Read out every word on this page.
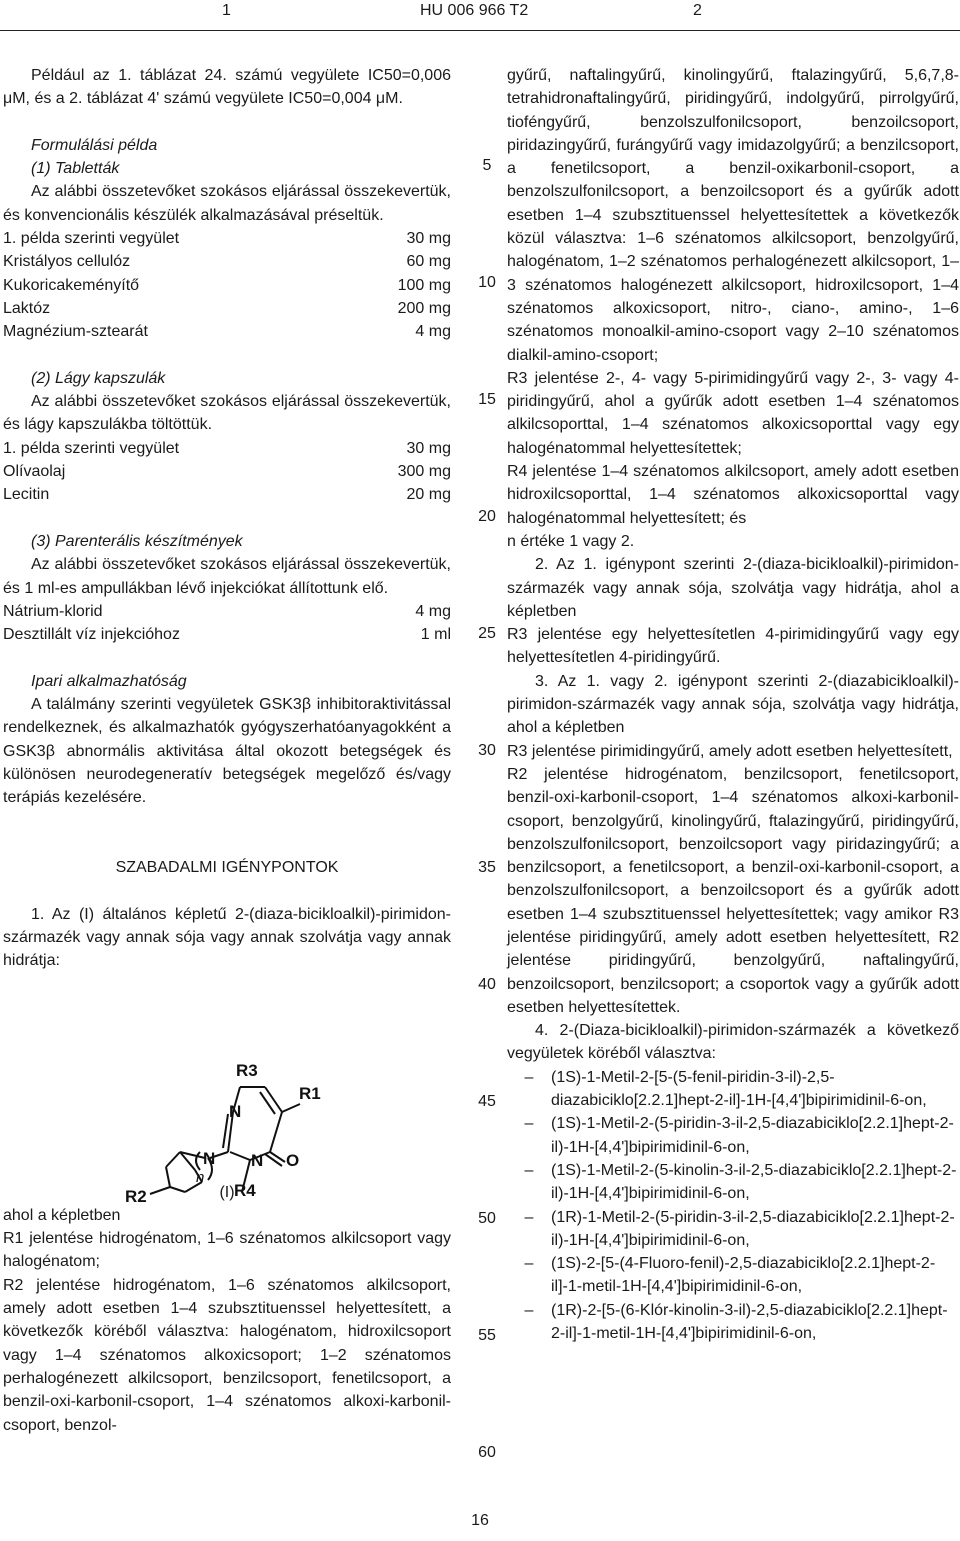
1	HU 006 966 T2	2

Például az 1. táblázat 24. számú vegyülete IC50=0,006 μM, és a 2. táblázat 4' számú vegyülete IC50=0,004 μM.

Formulálási példa

(1) Tabletták

Az alábbi összetevőket szokásos eljárással összekevertük, és konvencionális készülék alkalmazásával préseltük.

1. példa szerinti vegyület	30 mg
Kristályos cellulóz	60 mg
Kukoricakeményítő	100 mg
Laktóz	200 mg
Magnézium-sztearát	4 mg

(2) Lágy kapszulák

Az alábbi összetevőket szokásos eljárással összekevertük, és lágy kapszulákba töltöttük.

1. példa szerinti vegyület	30 mg
Olívaolaj	300 mg
Lecitin	20 mg

(3) Parenterális készítmények

Az alábbi összetevőket szokásos eljárással összekevertük, és 1 ml-es ampullákban lévő injekciókat állítottunk elő.

Nátrium-klorid	4 mg
Desztillált víz injekcióhoz	1 ml

Ipari alkalmazhatóság

A találmány szerinti vegyületek GSK3β inhibitoraktivitással rendelkeznek, és alkalmazhatók gyógyszerhatóanyagokként a GSK3β abnormális aktivitása által okozott betegségek és különösen neurodegeneratív betegségek megelőző és/vagy terápiás kezelésére.

SZABADALMI IGÉNYPONTOK

1. Az (I) általános képletű 2-(diaza-bicikloalkil)-pirimidon-származék vagy annak sója vagy annak szolvátja vagy annak hidrátja:

(I)

ahol a képletben

R1 jelentése hidrogénatom, 1–6 szénatomos alkilcsoport vagy halogénatom;

R2 jelentése hidrogénatom, 1–6 szénatomos alkilcsoport, amely adott esetben 1–4 szubsztituenssel helyettesített, a következők köréből választva: halogénatom, hidroxilcsoport vagy 1–4 szénatomos alkoxicsoport; 1–2 szénatomos perhalogénezett alkilcsoport, benzilcsoport, fenetilcsoport, a benzil-oxi-karbonil-csoport, 1–4 szénatomos alkoxi-karbonil-csoport, benzol-

R3
R1
N
N N O
R4
R2
n
5
10
15
20
25
30
35
40
45
50
55
60

gyűrű, naftalingyűrű, kinolingyűrű, ftalazingyűrű, 5,6,7,8-tetrahidronaftalingyűrű, piridingyűrű, indolgyűrű, pirrolgyűrű, tioféngyűrű, benzolszulfonilcsoport, benzoilcsoport, piridazingyűrű, furángyűrű vagy imidazolgyűrű; a benzilcsoport, a fenetilcsoport, a benzil-oxikarbonil-csoport, a benzolszulfonilcsoport, a benzoilcsoport és a gyűrűk adott esetben 1–4 szubsztituenssel helyettesítettek a következők közül választva: 1–6 szénatomos alkilcsoport, benzolgyűrű, halogénatom, 1–2 szénatomos perhalogénezett alkilcsoport, 1–3 szénatomos halogénezett alkilcsoport, hidroxilcsoport, 1–4 szénatomos alkoxicsoport, nitro-, ciano-, amino-, 1–6 szénatomos monoalkil-amino-csoport vagy 2–10 szénatomos dialkil-amino-csoport;

R3 jelentése 2-, 4- vagy 5-pirimidingyűrű vagy 2-, 3- vagy 4-piridingyűrű, ahol a gyűrűk adott esetben 1–4 szénatomos alkilcsoporttal, 1–4 szénatomos alkoxicsoporttal vagy egy halogénatommal helyettesítettek;

R4 jelentése 1–4 szénatomos alkilcsoport, amely adott esetben hidroxilcsoporttal, 1–4 szénatomos alkoxicsoporttal vagy halogénatommal helyettesített; és

n értéke 1 vagy 2.

2. Az 1. igénypont szerinti 2-(diaza-bicikloalkil)-pirimidon-származék vagy annak sója, szolvátja vagy hidrátja, ahol a képletben

R3 jelentése egy helyettesítetlen 4-pirimidingyűrű vagy egy helyettesítetlen 4-piridingyűrű.

3. Az 1. vagy 2. igénypont szerinti 2-(diazabicikloalkil)-pirimidon-származék vagy annak sója, szolvátja vagy hidrátja, ahol a képletben

R3 jelentése pirimidingyűrű, amely adott esetben helyettesített,

R2 jelentése hidrogénatom, benzilcsoport, fenetilcsoport, benzil-oxi-karbonil-csoport, 1–4 szénatomos alkoxi-karbonil-csoport, benzolgyűrű, kinolingyűrű, ftalazingyűrű, piridingyűrű, benzolszulfonilcsoport, benzoilcsoport vagy piridazingyűrű; a benzilcsoport, a fenetilcsoport, a benzil-oxi-karbonil-csoport, a benzolszulfonilcsoport, a benzoilcsoport és a gyűrűk adott esetben 1–4 szubsztituenssel helyettesítettek; vagy amikor R3 jelentése piridingyűrű, amely adott esetben helyettesített, R2 jelentése piridingyűrű, benzolgyűrű, naftalingyűrű, benzoilcsoport, benzilcsoport; a csoportok vagy a gyűrűk adott esetben helyettesítettek.

4. 2-(Diaza-bicikloalkil)-pirimidon-származék a következő vegyületek köréből választva:

– (1S)-1-Metil-2-[5-(5-fenil-piridin-3-il)-2,5-diazabiciklo[2.2.1]hept-2-il]-1H-[4,4']bipirimidinil-6-on,
– (1S)-1-Metil-2-(5-piridin-3-il-2,5-diazabiciklo[2.2.1]hept-2-il)-1H-[4,4']bipirimidinil-6-on,
– (1S)-1-Metil-2-(5-kinolin-3-il-2,5-diazabiciklo[2.2.1]hept-2-il)-1H-[4,4']bipirimidinil-6-on,
– (1R)-1-Metil-2-(5-piridin-3-il-2,5-diazabiciklo[2.2.1]hept-2-il)-1H-[4,4']bipirimidinil-6-on,
– (1S)-2-[5-(4-Fluoro-fenil)-2,5-diazabiciklo[2.2.1]hept-2-il]-1-metil-1H-[4,4']bipirimidinil-6-on,
– (1R)-2-[5-(6-Klór-kinolin-3-il)-2,5-diazabiciklo[2.2.1]hept-2-il]-1-metil-1H-[4,4']bipirimidinil-6-on,
16
